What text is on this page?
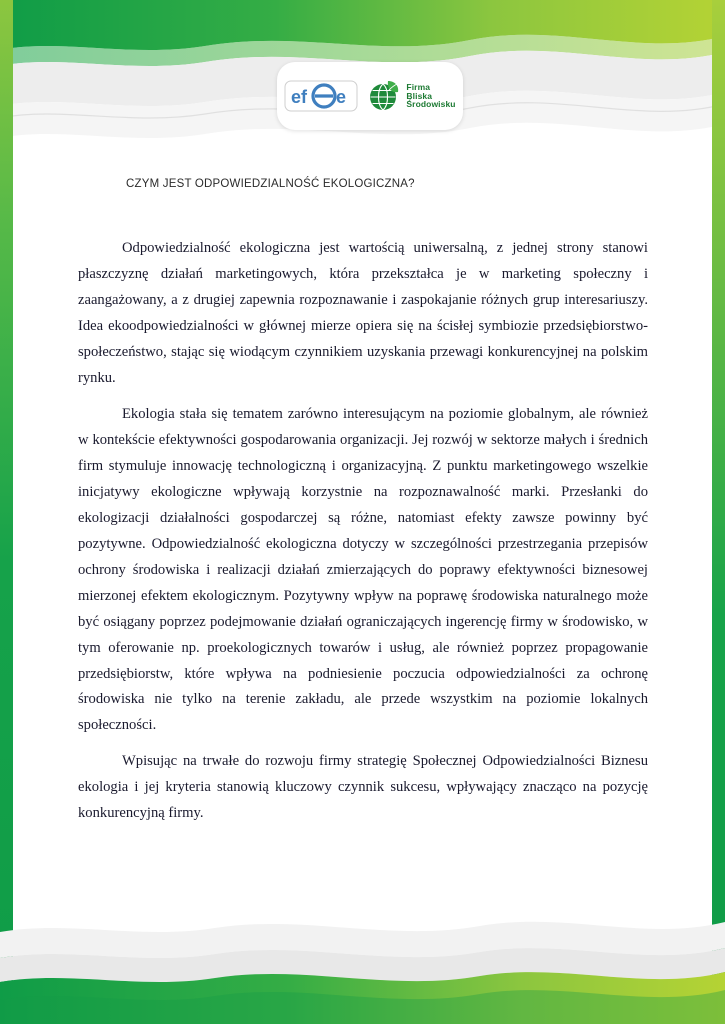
ef e
Firma
Bliska
Środowisku
CZYM JEST ODPOWIEDZIALNOŚĆ EKOLOGICZNA?

Odpowiedzialność ekologiczna jest wartością uniwersalną, z jednej strony stanowi płaszczyznę działań marketingowych, która przekształca je w marketing społeczny i zaangażowany, a z drugiej zapewnia rozpoznawanie i zaspokajanie różnych grup interesariuszy. Idea ekoodpowiedzialności w głównej mierze opiera się na ścisłej symbiozie przedsiębiorstwo-społeczeństwo, stając się wiodącym czynnikiem uzyskania przewagi konkurencyjnej na polskim rynku.

Ekologia stała się tematem zarówno interesującym na poziomie globalnym, ale również w kontekście efektywności gospodarowania organizacji. Jej rozwój w sektorze małych i średnich firm stymuluje innowację technologiczną i organizacyjną. Z punktu marketingowego wszelkie inicjatywy ekologiczne wpływają korzystnie na rozpoznawalność marki. Przesłanki do ekologizacji działalności gospodarczej są różne, natomiast efekty zawsze powinny być pozytywne. Odpowiedzialność ekologiczna dotyczy w szczególności przestrzegania przepisów ochrony środowiska i realizacji działań zmierzających do poprawy efektywności biznesowej mierzonej efektem ekologicznym. Pozytywny wpływ na poprawę środowiska naturalnego może być osiągany poprzez podejmowanie działań ograniczających ingerencję firmy w środowisko, w tym oferowanie np. proekologicznych towarów i usług, ale również poprzez propagowanie przedsiębiorstw, które wpływa na podniesienie poczucia odpowiedzialności za ochronę środowiska nie tylko na terenie zakładu, ale przede wszystkim na poziomie lokalnych społeczności.

Wpisując na trwałe do rozwoju firmy strategię Społecznej Odpowiedzialności Biznesu ekologia i jej kryteria stanowią kluczowy czynnik sukcesu, wpływający znacząco na pozycję konkurencyjną firmy.
